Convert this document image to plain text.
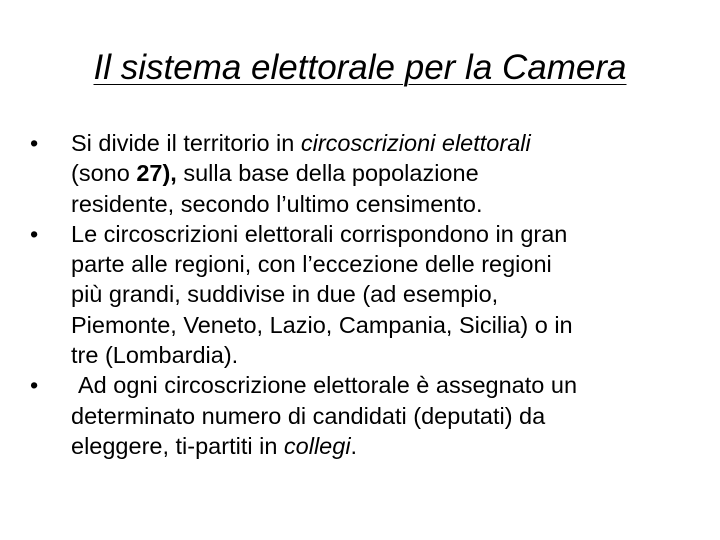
Il sistema elettorale per la Camera
• Si divide il territorio in circoscrizioni elettorali
(sono 27), sulla base della popolazione
residente, secondo l’ultimo censimento.

• Le circoscrizioni elettorali corrispondono in gran
parte alle regioni, con l’eccezione delle regioni
più grandi, suddivise in due (ad esempio,
Piemonte, Veneto, Lazio, Campania, Sicilia) o in
tre (Lombardia).

• Ad ogni circoscrizione elettorale è assegnato un
determinato numero di candidati (deputati) da
eleggere, ti-partiti in collegi.
